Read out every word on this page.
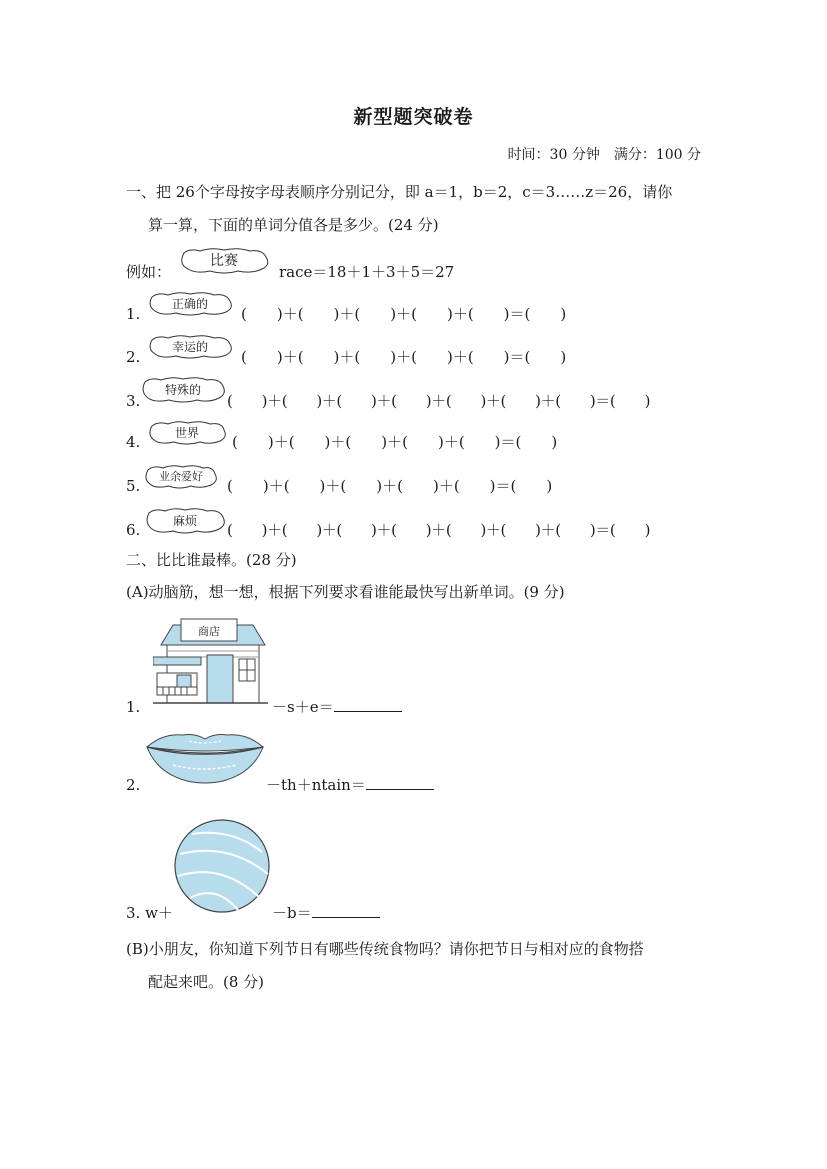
新型题突破卷
时间：30 分钟　满分：100 分
一、把 26个字母按字母表顺序分别记分，即 a＝1，b＝2，c＝3……z＝26，请你
算一算，下面的单词分值各是多少。(24 分)
例如：
比赛
race＝18＋1＋3＋5＝27
1.
正确的
(　　)＋(　　)＋(　　)＋(　　)＋(　　)＝(　　)
2.
幸运的
(　　)＋(　　)＋(　　)＋(　　)＋(　　)＝(　　)
3.
特殊的
(　　)＋(　　)＋(　　)＋(　　)＋(　　)＋(　　)＋(　　)＝(　　)
4.	世界	(　　)＋(　　)＋(　　)＋(　　)＋(　　)＝(　　)
5.
业余爱好
(　　)＋(　　)＋(　　)＋(　　)＋(　　)＝(　　)
6.	麻烦	(　　)＋(　　)＋(　　)＋(　　)＋(　　)＋(　　)＋(　　)＝(　　)
二、比比谁最棒。(28 分)
(A)动脑筋，想一想，根据下列要求看谁能最快写出新单词。(9 分)
商店
1.	－s＋e＝
2.	－th＋ntain＝
3. w＋	－b＝
(B)小朋友，你知道下列节日有哪些传统食物吗？请你把节日与相对应的食物搭
配起来吧。(8 分)
